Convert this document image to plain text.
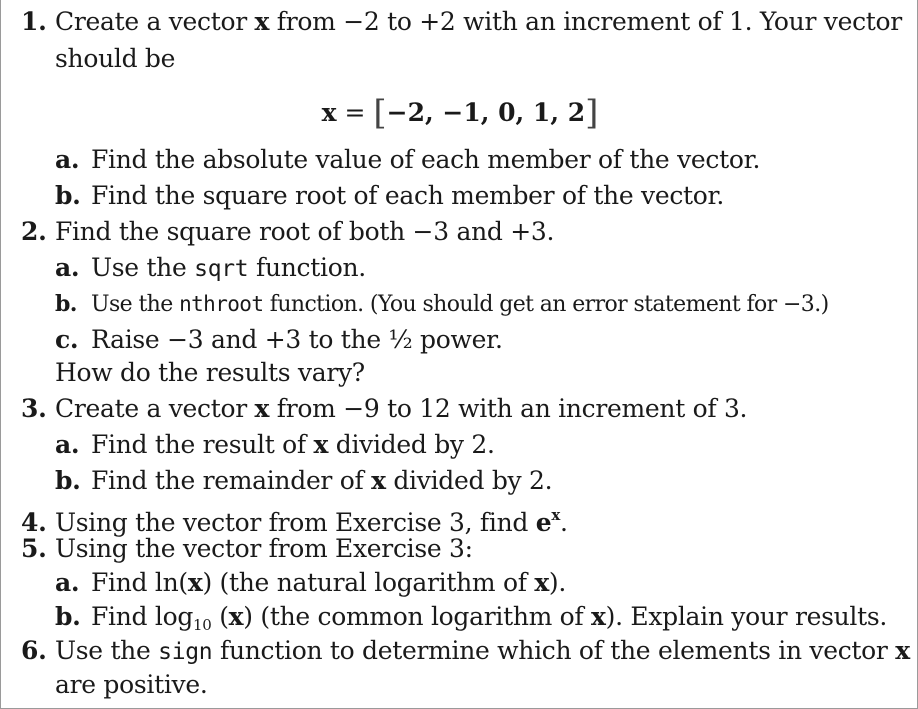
1. Create a vector x from −2 to +2 with an increment of 1. Your vector
should be
x = [−2, −1, 0, 1, 2]
a. Find the absolute value of each member of the vector.
b. Find the square root of each member of the vector.
2. Find the square root of both −3 and +3.
a. Use the sqrt function.
b. Use the nthroot function. (You should get an error statement for −3.)
c. Raise −3 and +3 to the ½ power.
How do the results vary?
3. Create a vector x from −9 to 12 with an increment of 3.
a. Find the result of x divided by 2.
b. Find the remainder of x divided by 2.
4. Using the vector from Exercise 3, find $e^x$.
5. Using the vector from Exercise 3:
a. Find ln(x) (the natural logarithm of x).
b. Find $\log_{10} (x)$ (the common logarithm of x). Explain your results.
6. Use the sign function to determine which of the elements in vector x
are positive.
